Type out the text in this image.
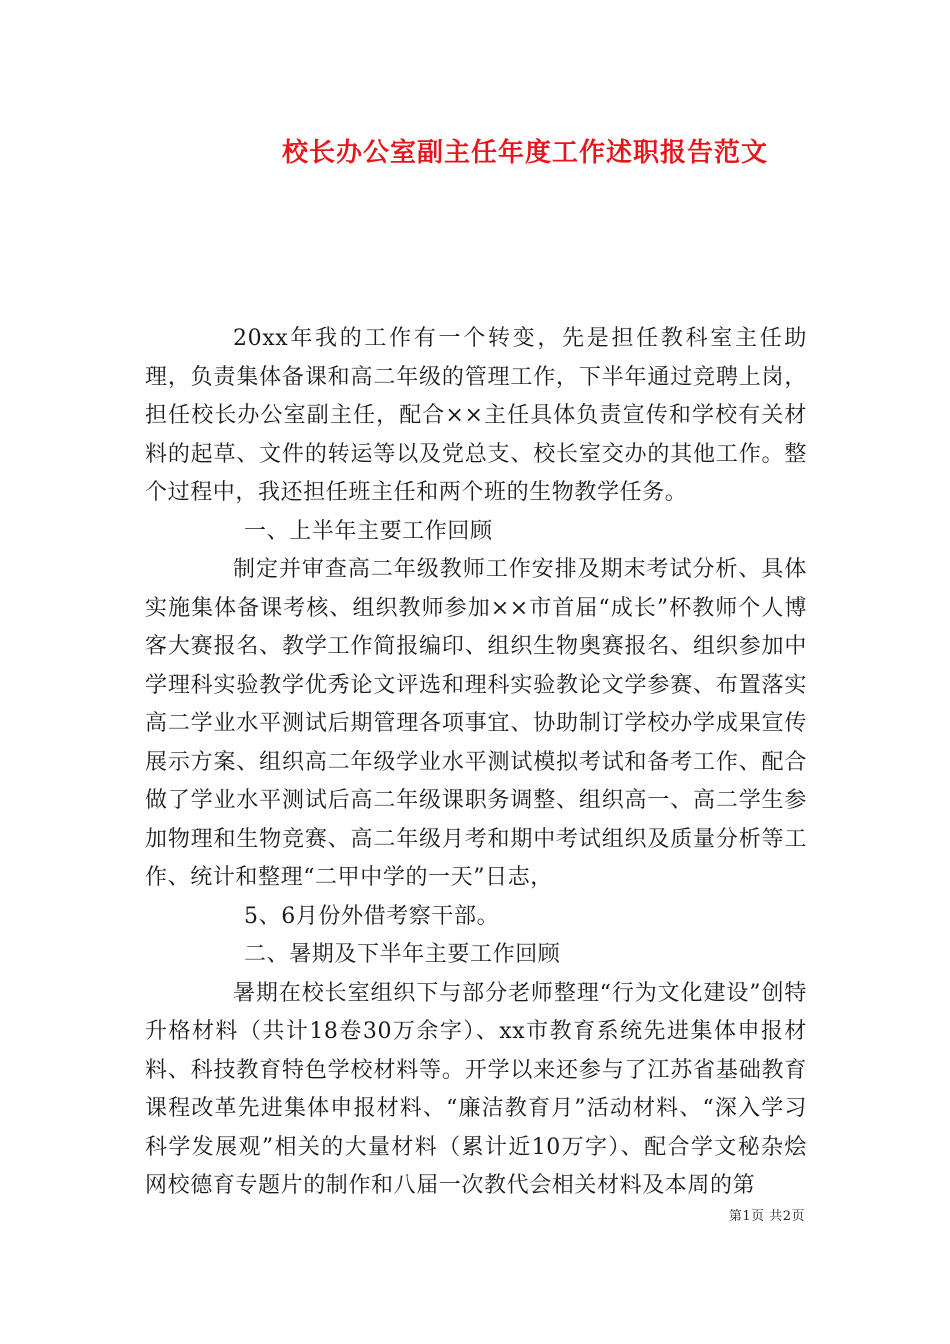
校长办公室副主任年度工作述职报告范文

20xx年我的工作有一个转变，先是担任教科室主任助理，负责集体备课和高二年级的管理工作，下半年通过竞聘上岗，担任校长办公室副主任，配合××主任具体负责宣传和学校有关材料的起草、文件的转运等以及党总支、校长室交办的其他工作。整个过程中，我还担任班主任和两个班的生物教学任务。

一、上半年主要工作回顾

制定并审查高二年级教师工作安排及期末考试分析、具体实施集体备课考核、组织教师参加××市首届“成长”杯教师个人博客大赛报名、教学工作简报编印、组织生物奥赛报名、组织参加中学理科实验教学优秀论文评选和理科实验教论文学参赛、布置落实高二学业水平测试后期管理各项事宜、协助制订学校办学成果宣传展示方案、组织高二年级学业水平测试模拟考试和备考工作、配合做了学业水平测试后高二年级课职务调整、组织高一、高二学生参加物理和生物竞赛、高二年级月考和期中考试组织及质量分析等工作、统计和整理“二甲中学的一天”日志，

5、6月份外借考察干部。

二、暑期及下半年主要工作回顾

暑期在校长室组织下与部分老师整理“行为文化建设”创特升格材料（共计18卷30万余字）、xx市教育系统先进集体申报材料、科技教育特色学校材料等。开学以来还参与了江苏省基础教育课程改革先进集体申报材料、“廉洁教育月”活动材料、“深入学习科学发展观”相关的大量材料（累计近10万字）、配合学文秘杂烩网校德育专题片的制作和八届一次教代会相关材料及本周的第

第1页 共2页
